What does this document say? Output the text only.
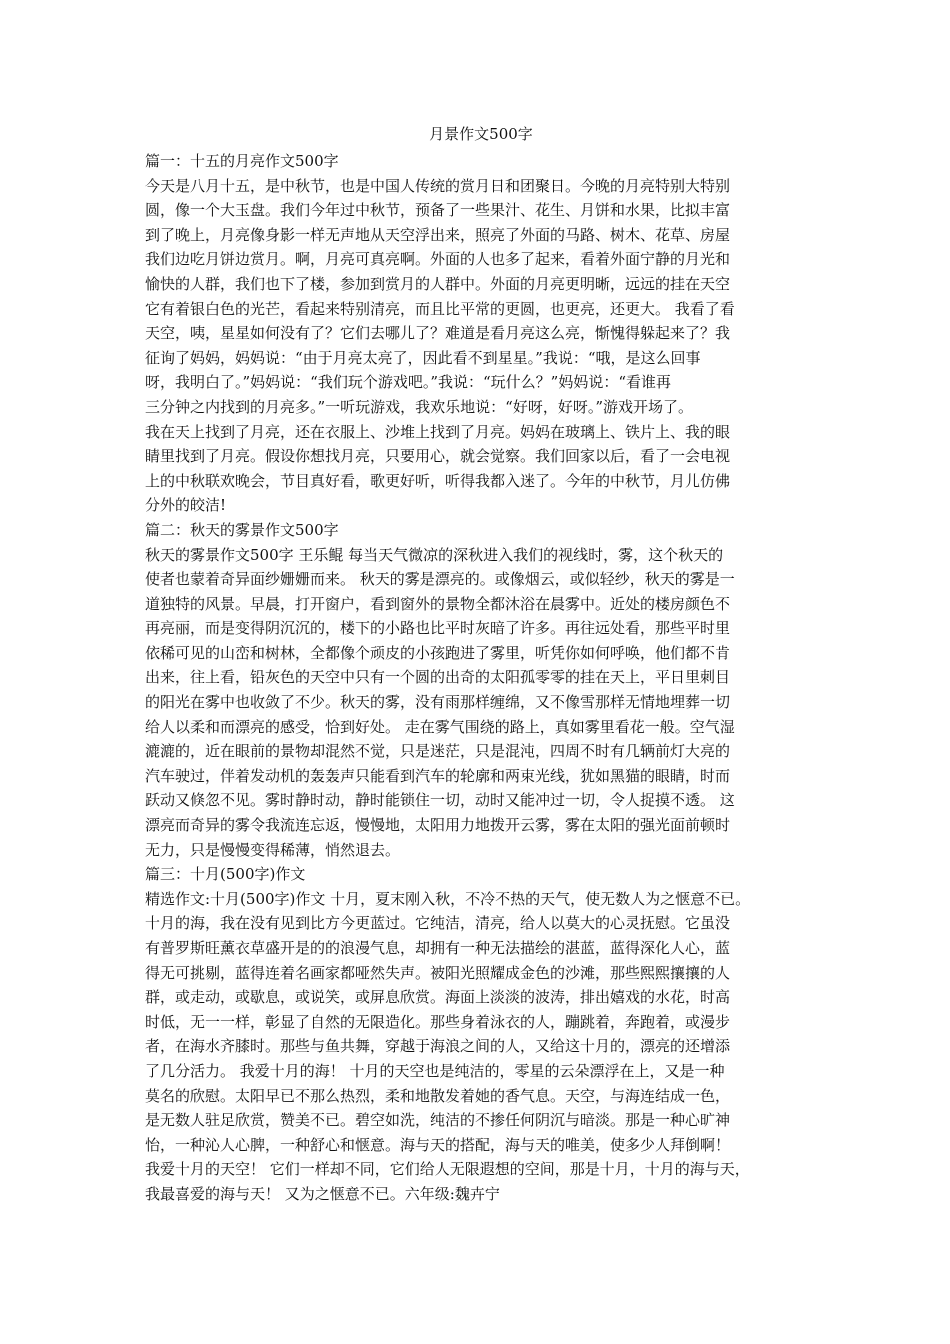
月景作文500字
篇一：十五的月亮作文500字
今天是八月十五，是中秋节，也是中国人传统的赏月日和团聚日。今晚的月亮特别大特别
圆，像一个大玉盘。我们今年过中秋节，预备了一些果汁、花生、月饼和水果，比拟丰富
到了晚上，月亮像身影一样无声地从天空浮出来，照亮了外面的马路、树木、花草、房屋
我们边吃月饼边赏月。啊，月亮可真亮啊。外面的人也多了起来，看着外面宁静的月光和
愉快的人群，我们也下了楼，参加到赏月的人群中。外面的月亮更明晰，远远的挂在天空
它有着银白色的光芒，看起来特别清亮，而且比平常的更圆，也更亮，还更大。 我看了看
天空，咦，星星如何没有了？它们去哪儿了？难道是看月亮这么亮，惭愧得躲起来了？我
征询了妈妈，妈妈说：“由于月亮太亮了，因此看不到星星。”我说：“哦，是这么回事
呀，我明白了。”妈妈说：“我们玩个游戏吧。”我说：“玩什么？”妈妈说：“看谁再
三分钟之内找到的月亮多。”一听玩游戏，我欢乐地说：“好呀，好呀。”游戏开场了。
我在天上找到了月亮，还在衣服上、沙堆上找到了月亮。妈妈在玻璃上、铁片上、我的眼
睛里找到了月亮。假设你想找月亮，只要用心，就会觉察。我们回家以后，看了一会电视
上的中秋联欢晚会，节目真好看，歌更好听，听得我都入迷了。今年的中秋节，月儿仿佛
分外的皎洁!
篇二：秋天的雾景作文500字
秋天的雾景作文500字 王乐鲲 每当天气微凉的深秋进入我们的视线时，雾，这个秋天的
使者也蒙着奇异面纱姗姗而来。 秋天的雾是漂亮的。或像烟云，或似轻纱，秋天的雾是一
道独特的风景。早晨，打开窗户，看到窗外的景物全都沐浴在晨雾中。近处的楼房颜色不
再亮丽，而是变得阴沉沉的，楼下的小路也比平时灰暗了许多。再往远处看，那些平时里
依稀可见的山峦和树林，全都像个顽皮的小孩跑进了雾里，听凭你如何呼唤，他们都不肯
出来，往上看，铅灰色的天空中只有一个圆的出奇的太阳孤零零的挂在天上，平日里刺目
的阳光在雾中也收敛了不少。秋天的雾，没有雨那样缠绵，又不像雪那样无情地埋葬一切
给人以柔和而漂亮的感受，恰到好处。 走在雾气围绕的路上，真如雾里看花一般。空气湿
漉漉的，近在眼前的景物却混然不觉，只是迷茫，只是混沌，四周不时有几辆前灯大亮的
汽车驶过，伴着发动机的轰轰声只能看到汽车的轮廓和两束光线，犹如黑猫的眼睛，时而
跃动又倏忽不见。雾时静时动，静时能锁住一切，动时又能冲过一切，令人捉摸不透。 这
漂亮而奇异的雾令我流连忘返，慢慢地，太阳用力地拨开云雾，雾在太阳的强光面前顿时
无力，只是慢慢变得稀薄，悄然退去。
篇三：十月(500字)作文
精选作文:十月(500字)作文 十月，夏末刚入秋，不冷不热的天气，使无数人为之惬意不已。
十月的海，我在没有见到比方今更蓝过。它纯洁，清亮，给人以莫大的心灵抚慰。它虽没
有普罗斯旺薰衣草盛开是的的浪漫气息，却拥有一种无法描绘的湛蓝，蓝得深化人心，蓝
得无可挑剔，蓝得连着名画家都哑然失声。被阳光照耀成金色的沙滩，那些熙熙攘攘的人
群，或走动，或歇息，或说笑，或屏息欣赏。海面上淡淡的波涛，排出嬉戏的水花，时高
时低，无一一样，彰显了自然的无限造化。那些身着泳衣的人，蹦跳着，奔跑着，或漫步
者，在海水齐膝时。那些与鱼共舞，穿越于海浪之间的人，又给这十月的，漂亮的还增添
了几分活力。 我爱十月的海！ 十月的天空也是纯洁的，零星的云朵漂浮在上，又是一种
莫名的欣慰。太阳早已不那么热烈，柔和地散发着她的香气息。天空，与海连结成一色，
是无数人驻足欣赏，赞美不已。碧空如洗，纯洁的不掺任何阴沉与暗淡。那是一种心旷神
怡，一种沁人心脾，一种舒心和惬意。海与天的搭配，海与天的唯美，使多少人拜倒啊！
我爱十月的天空！ 它们一样却不同，它们给人无限遐想的空间，那是十月，十月的海与天，
我最喜爱的海与天！ 又为之惬意不已。六年级:魏卉宁
